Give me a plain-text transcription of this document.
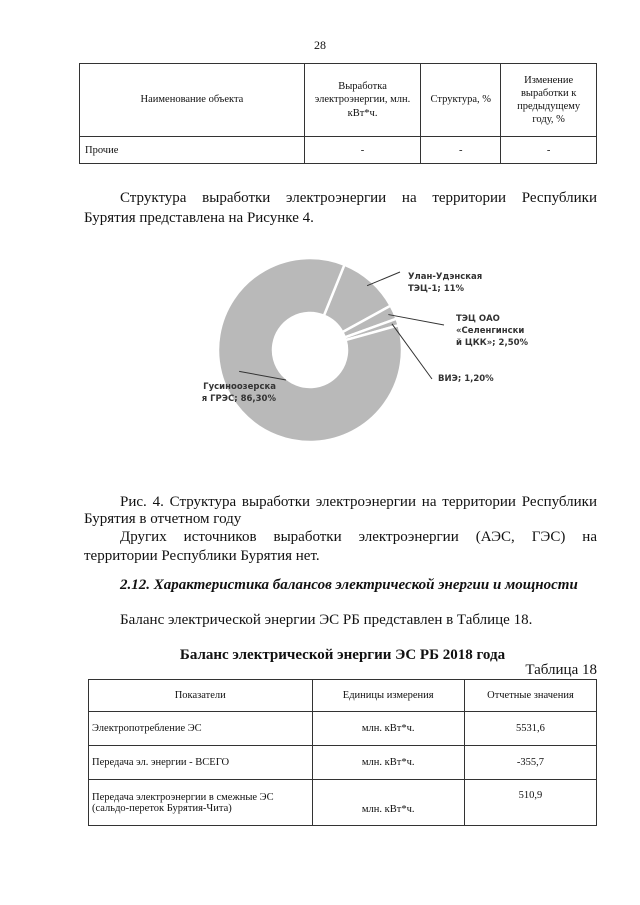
28
Наименование объекта	Выработка электроэнергии, млн. кВт*ч.	Структура, %	Изменение выработки к предыдущему году, %
Прочие	-	-	-
Структура выработки электроэнергии на территории Республики
Бурятия представлена на Рисунке 4.
Гусиноозерска
я ГРЭС; 86,30%
Улан-Удэнская
ТЭЦ-1; 11%
ТЭЦ ОАО
«Селенгински
й ЦКК»; 2,50%
ВИЭ; 1,20%
Рис. 4. Структура выработки электроэнергии на территории Республики
Бурятия в отчетном году
Других источников выработки электроэнергии (АЭС, ГЭС) на
территории Республики Бурятия нет.
2.12. Характеристика балансов электрической энергии и мощности
Баланс электрической энергии ЭС РБ представлен в Таблице 18.
Баланс электрической энергии ЭС РБ 2018 года
Таблица 18
Показатели	Единицы измерения	Отчетные значения
Электропотребление ЭС	млн. кВт*ч.	5531,6
Передача эл. энергии - ВСЕГО	млн. кВт*ч.	-355,7
Передача электроэнергии в смежные ЭС (сальдо-переток Бурятия-Чита)	млн. кВт*ч.	510,9
